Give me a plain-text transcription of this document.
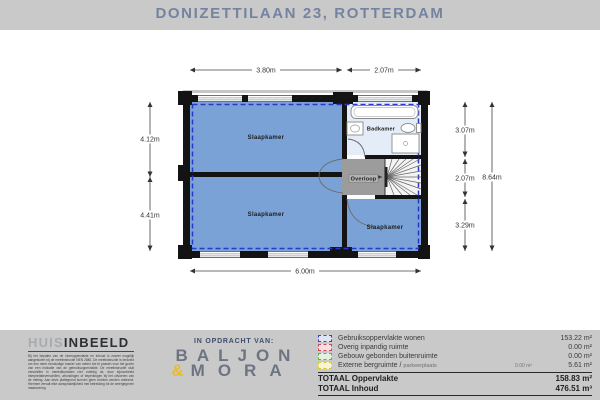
DONIZETTILAAN 23, ROTTERDAM
3.80m	2.07m
4.12m
4.41m
3.07m
2.07m
3.29m
8.64m
6.00m
Slaapkamer
Slaapkamer
Slaapkamer
Badkamer
Overloop
HUISINBEELD
Bij het bepalen van de vloeroppervlakte en inhoud is zoveel mogelijk aangesloten bij de meetinstructie NEN 2580. De meetinstructie is bedoeld om een meer eenduidige manier van meten toe te passen voor het geven van een indicatie van de gebruiksoppervlakte. De meetinstructie sluit verschillen in meetuitkomsten niet volledig uit, door bijvoorbeeld interpretatieverschillen, afrondingen of beperkingen bij het uitvoeren van de meting. Aan deze plattegrond kunnen geen rechten worden ontleend. Hiermee vervalt elke aansprakelijkheid met betrekking tot de weergegeven maatvoering.
IN OPDRACHT VAN:
BALJON
& MORA
Gebruiksoppervlakte wonen	153.22 m²
Overig inpandig ruimte	0.00 m²
Gebouw gebonden buitenruimte	0.00 m²
Externe bergruimte / parkeerplaats	0.00 m²	5.61 m²
TOTAAL Oppervlakte	158.83 m²
TOTAAL Inhoud	476.51 m³
